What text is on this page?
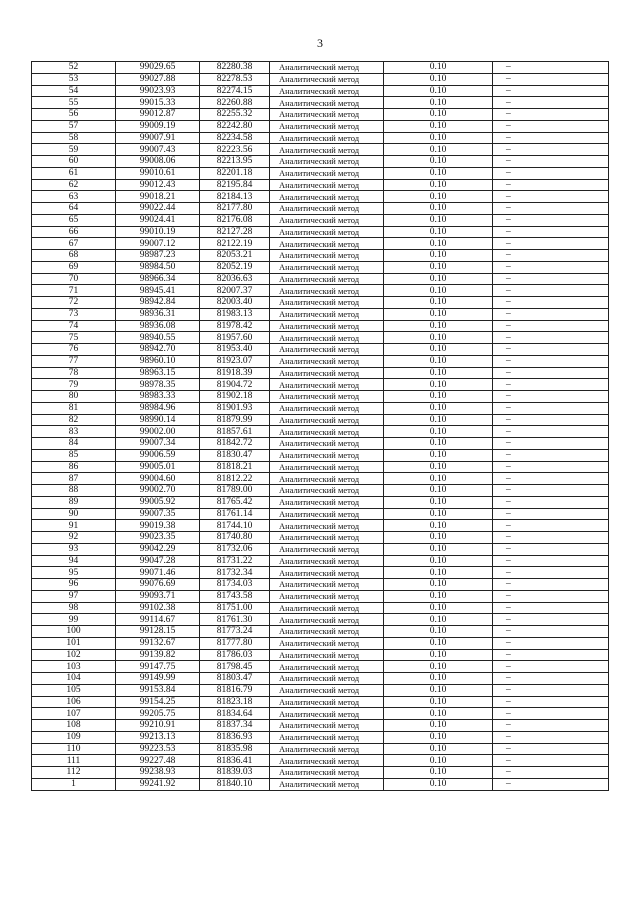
3
52	99029.65	82280.38	Аналитический метод	0.10	–
53	99027.88	82278.53	Аналитический метод	0.10	–
54	99023.93	82274.15	Аналитический метод	0.10	–
55	99015.33	82260.88	Аналитический метод	0.10	–
56	99012.87	82255.32	Аналитический метод	0.10	–
57	99009.19	82242.80	Аналитический метод	0.10	–
58	99007.91	82234.58	Аналитический метод	0.10	–
59	99007.43	82223.56	Аналитический метод	0.10	–
60	99008.06	82213.95	Аналитический метод	0.10	–
61	99010.61	82201.18	Аналитический метод	0.10	–
62	99012.43	82195.84	Аналитический метод	0.10	–
63	99018.21	82184.13	Аналитический метод	0.10	–
64	99022.44	82177.80	Аналитический метод	0.10	–
65	99024.41	82176.08	Аналитический метод	0.10	–
66	99010.19	82127.28	Аналитический метод	0.10	–
67	99007.12	82122.19	Аналитический метод	0.10	–
68	98987.23	82053.21	Аналитический метод	0.10	–
69	98984.50	82052.19	Аналитический метод	0.10	–
70	98966.34	82036.63	Аналитический метод	0.10	–
71	98945.41	82007.37	Аналитический метод	0.10	–
72	98942.84	82003.40	Аналитический метод	0.10	–
73	98936.31	81983.13	Аналитический метод	0.10	–
74	98936.08	81978.42	Аналитический метод	0.10	–
75	98940.55	81957.60	Аналитический метод	0.10	–
76	98942.70	81953.40	Аналитический метод	0.10	–
77	98960.10	81923.07	Аналитический метод	0.10	–
78	98963.15	81918.39	Аналитический метод	0.10	–
79	98978.35	81904.72	Аналитический метод	0.10	–
80	98983.33	81902.18	Аналитический метод	0.10	–
81	98984.96	81901.93	Аналитический метод	0.10	–
82	98990.14	81879.99	Аналитический метод	0.10	–
83	99002.00	81857.61	Аналитический метод	0.10	–
84	99007.34	81842.72	Аналитический метод	0.10	–
85	99006.59	81830.47	Аналитический метод	0.10	–
86	99005.01	81818.21	Аналитический метод	0.10	–
87	99004.60	81812.22	Аналитический метод	0.10	–
88	99002.70	81789.00	Аналитический метод	0.10	–
89	99005.92	81765.42	Аналитический метод	0.10	–
90	99007.35	81761.14	Аналитический метод	0.10	–
91	99019.38	81744.10	Аналитический метод	0.10	–
92	99023.35	81740.80	Аналитический метод	0.10	–
93	99042.29	81732.06	Аналитический метод	0.10	–
94	99047.28	81731.22	Аналитический метод	0.10	–
95	99071.46	81732.34	Аналитический метод	0.10	–
96	99076.69	81734.03	Аналитический метод	0.10	–
97	99093.71	81743.58	Аналитический метод	0.10	–
98	99102.38	81751.00	Аналитический метод	0.10	–
99	99114.67	81761.30	Аналитический метод	0.10	–
100	99128.15	81773.24	Аналитический метод	0.10	–
101	99132.67	81777.80	Аналитический метод	0.10	–
102	99139.82	81786.03	Аналитический метод	0.10	–
103	99147.75	81798.45	Аналитический метод	0.10	–
104	99149.99	81803.47	Аналитический метод	0.10	–
105	99153.84	81816.79	Аналитический метод	0.10	–
106	99154.25	81823.18	Аналитический метод	0.10	–
107	99205.75	81834.64	Аналитический метод	0.10	–
108	99210.91	81837.34	Аналитический метод	0.10	–
109	99213.13	81836.93	Аналитический метод	0.10	–
110	99223.53	81835.98	Аналитический метод	0.10	–
111	99227.48	81836.41	Аналитический метод	0.10	–
112	99238.93	81839.03	Аналитический метод	0.10	–
1	99241.92	81840.10	Аналитический метод	0.10	–
